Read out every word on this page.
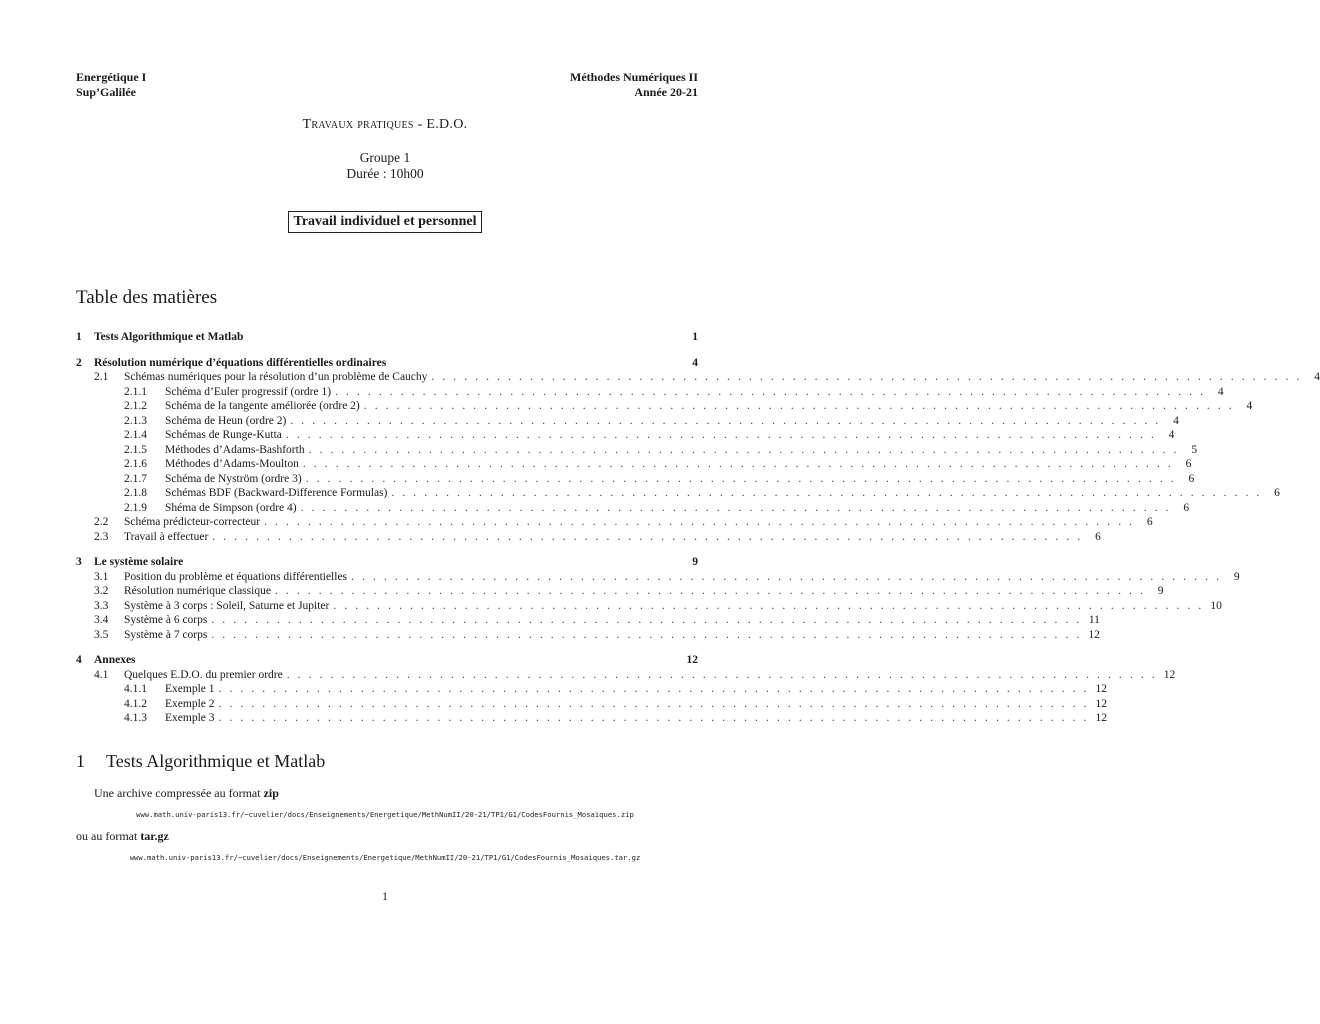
Energétique I
Sup’Galilée
Méthodes Numériques II
Année 20-21
Travaux pratiques - E.D.O.
Groupe 1
Durée : 10h00
Travail individuel et personnel
Table des matières
1	Tests Algorithmique et Matlab	1
2	Résolution numérique d’équations différentielles ordinaires	4
2.1	Schémas numériques pour la résolution d’un problème de Cauchy . . . . . . . . . . . . . . . . . . . . . . . . . . . . . . . . . . . . . . . . . . . . . . . . . . . . . . . . . . . . . . . . . . . . . . . . . . . . . . . .	4
2.1.1	Schéma d’Euler progressif (ordre 1) . . . . . . . . . . . . . . . . . . . . . . . . . . . . . . . . . . . . . . . . . . . . . . . . . . . . . . . . . . . . . . . . . . . . . . . . . . . . . . . .	4
2.1.2	Schéma de la tangente améliorée (ordre 2) . . . . . . . . . . . . . . . . . . . . . . . . . . . . . . . . . . . . . . . . . . . . . . . . . . . . . . . . . . . . . . . . . . . . . . . . . . . . . . . .	4
2.1.3	Schéma de Heun (ordre 2) . . . . . . . . . . . . . . . . . . . . . . . . . . . . . . . . . . . . . . . . . . . . . . . . . . . . . . . . . . . . . . . . . . . . . . . . . . . . . . . .	4
2.1.4	Schémas de Runge-Kutta . . . . . . . . . . . . . . . . . . . . . . . . . . . . . . . . . . . . . . . . . . . . . . . . . . . . . . . . . . . . . . . . . . . . . . . . . . . . . . . .	4
2.1.5	Méthodes d’Adams-Bashforth . . . . . . . . . . . . . . . . . . . . . . . . . . . . . . . . . . . . . . . . . . . . . . . . . . . . . . . . . . . . . . . . . . . . . . . . . . . . . . . .	5
2.1.6	Méthodes d’Adams-Moulton . . . . . . . . . . . . . . . . . . . . . . . . . . . . . . . . . . . . . . . . . . . . . . . . . . . . . . . . . . . . . . . . . . . . . . . . . . . . . . . .	6
2.1.7	Schéma de Nyström (ordre 3) . . . . . . . . . . . . . . . . . . . . . . . . . . . . . . . . . . . . . . . . . . . . . . . . . . . . . . . . . . . . . . . . . . . . . . . . . . . . . . . .	6
2.1.8	Schémas BDF (Backward-Difference Formulas) . . . . . . . . . . . . . . . . . . . . . . . . . . . . . . . . . . . . . . . . . . . . . . . . . . . . . . . . . . . . . . . . . . . . . . . . . . . . . . . .	6
2.1.9	Shéma de Simpson (ordre 4) . . . . . . . . . . . . . . . . . . . . . . . . . . . . . . . . . . . . . . . . . . . . . . . . . . . . . . . . . . . . . . . . . . . . . . . . . . . . . . . .	6
2.2	Schéma prédicteur-correcteur . . . . . . . . . . . . . . . . . . . . . . . . . . . . . . . . . . . . . . . . . . . . . . . . . . . . . . . . . . . . . . . . . . . . . . . . . . . . . . . .	6
2.3	Travail à effectuer . . . . . . . . . . . . . . . . . . . . . . . . . . . . . . . . . . . . . . . . . . . . . . . . . . . . . . . . . . . . . . . . . . . . . . . . . . . . . . . .	6
3	Le système solaire	9
3.1	Position du problème et équations différentielles . . . . . . . . . . . . . . . . . . . . . . . . . . . . . . . . . . . . . . . . . . . . . . . . . . . . . . . . . . . . . . . . . . . . . . . . . . . . . . . .	9
3.2	Résolution numérique classique . . . . . . . . . . . . . . . . . . . . . . . . . . . . . . . . . . . . . . . . . . . . . . . . . . . . . . . . . . . . . . . . . . . . . . . . . . . . . . . .	9
3.3	Système à 3 corps : Soleil, Saturne et Jupiter . . . . . . . . . . . . . . . . . . . . . . . . . . . . . . . . . . . . . . . . . . . . . . . . . . . . . . . . . . . . . . . . . . . . . . . . . . . . . . . . 10
3.4	Système à 6 corps . . . . . . . . . . . . . . . . . . . . . . . . . . . . . . . . . . . . . . . . . . . . . . . . . . . . . . . . . . . . . . . . . . . . . . . . . . . . . . . . 11
3.5	Système à 7 corps . . . . . . . . . . . . . . . . . . . . . . . . . . . . . . . . . . . . . . . . . . . . . . . . . . . . . . . . . . . . . . . . . . . . . . . . . . . . . . . . 12
4	Annexes	12
4.1	Quelques E.D.O. du premier ordre . . . . . . . . . . . . . . . . . . . . . . . . . . . . . . . . . . . . . . . . . . . . . . . . . . . . . . . . . . . . . . . . . . . . . . . . . . . . . . . . 12
4.1.1	Exemple 1 . . . . . . . . . . . . . . . . . . . . . . . . . . . . . . . . . . . . . . . . . . . . . . . . . . . . . . . . . . . . . . . . . . . . . . . . . . . . . . . . 12
4.1.2	Exemple 2 . . . . . . . . . . . . . . . . . . . . . . . . . . . . . . . . . . . . . . . . . . . . . . . . . . . . . . . . . . . . . . . . . . . . . . . . . . . . . . . . 12
4.1.3	Exemple 3 . . . . . . . . . . . . . . . . . . . . . . . . . . . . . . . . . . . . . . . . . . . . . . . . . . . . . . . . . . . . . . . . . . . . . . . . . . . . . . . . 12
1 Tests Algorithmique et Matlab
Une archive compressée au format zip
www.math.univ-paris13.fr/~cuvelier/docs/Enseignements/Energetique/MethNumII/20-21/TP1/G1/CodesFournis_Mosaiques.zip
ou au format tar.gz
www.math.univ-paris13.fr/~cuvelier/docs/Enseignements/Energetique/MethNumII/20-21/TP1/G1/CodesFournis_Mosaiques.tar.gz
1
